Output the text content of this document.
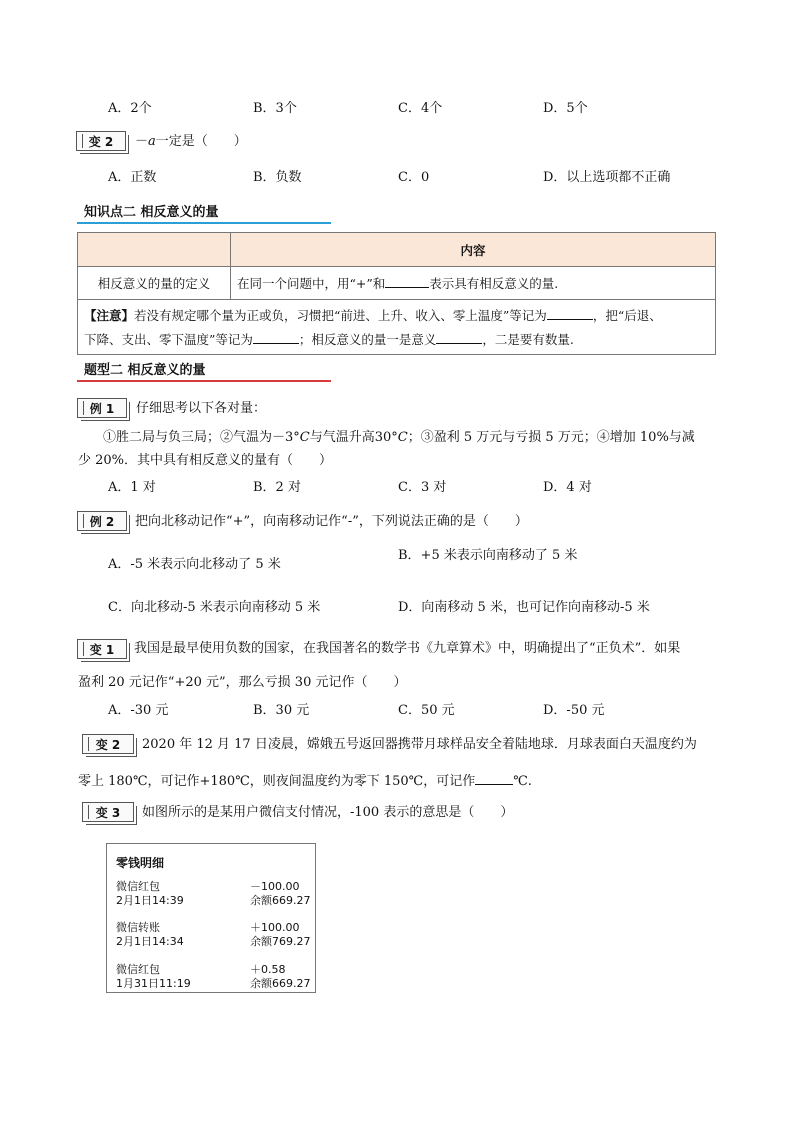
A．2个	B．3个	C．4个	D．5个
变 2 －𝑎一定是（　　）
A．正数	B．负数	C．0	D．以上选项都不正确
知识点二 相反意义的量
	内容
相反意义的量的定义	在同一个问题中，用“+”和 表示具有相反意义的量.

【注意】若没有规定哪个量为正或负，习惯把“前进、上升、收入、零上温度”等记为 ，把“后退、
下降、支出、零下温度”等记为 ；相反意义的量一是意义 ，二是要有数量.	
题型二 相反意义的量
例 1 仔细思考以下各对量：
①胜二局与负三局；②气温为－3°𝐶与气温升高30°𝐶；③盈利 5 万元与亏损 5 万元；④增加 10%与减
少 20%．其中具有相反意义的量有（　　）
A．1 对	B．2 对	C．3 对	D．4 对
例 2 把向北移动记作“+”，向南移动记作“-”，下列说法正确的是（　　）
A．-5 米表示向北移动了 5 米
B．+5 米表示向南移动了 5 米
C．向北移动-5 米表示向南移动 5 米	D．向南移动 5 米，也可记作向南移动-5 米
变 1 我国是最早使用负数的国家，在我国著名的数学书《九章算术》中，明确提出了“正负术”．如果
盈利 20 元记作“+20 元”，那么亏损 30 元记作（　　）
A．-30 元	B．30 元	C．50 元	D．-50 元
变 2 2020 年 12 月 17 日凌晨，嫦娥五号返回器携带月球样品安全着陆地球．月球表面白天温度约为
零上 180℃，可记作+180℃，则夜间温度约为零下 150℃，可记作	℃.
变 3 如图所示的是某用户微信支付情况，-100 表示的意思是（　　）
零钱明细
微信红包	－100.00
2月1日14:39	余额669.27
微信转账	＋100.00
2月1日14:34	余额769.27
微信红包	＋0.58
1月31日11:19	余额669.27
